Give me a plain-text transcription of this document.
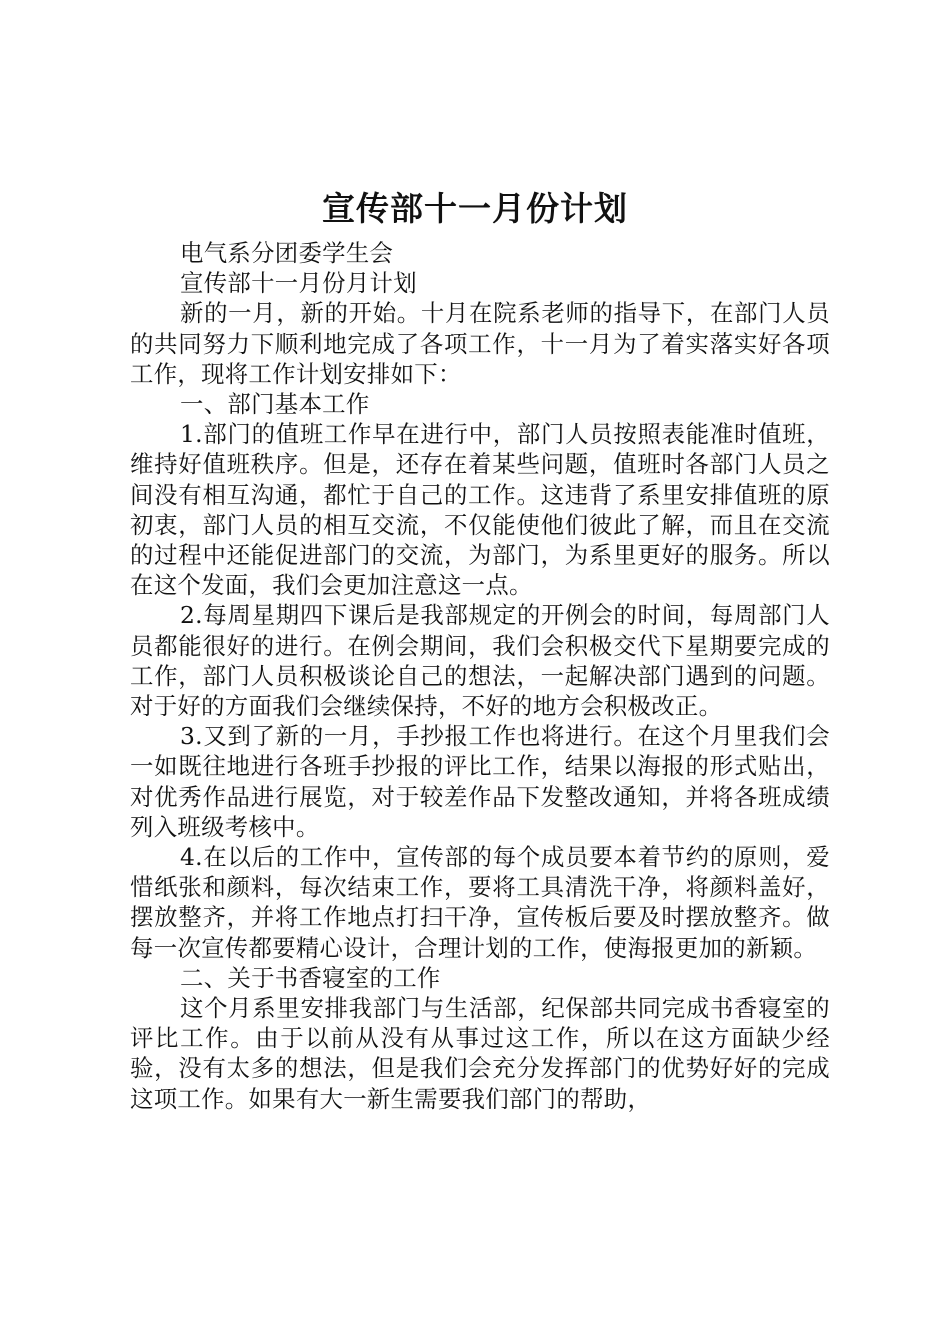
宣传部十一月份计划

电气系分团委学生会

宣传部十一月份月计划

新的一月，新的开始。十月在院系老师的指导下，在部门人员的共同努力下顺利地完成了各项工作，十一月为了着实落实好各项工作，现将工作计划安排如下：

一、部门基本工作

1.部门的值班工作早在进行中，部门人员按照表能准时值班，维持好值班秩序。但是，还存在着某些问题，值班时各部门人员之间没有相互沟通，都忙于自己的工作。这违背了系里安排值班的原初衷，部门人员的相互交流，不仅能使他们彼此了解，而且在交流的过程中还能促进部门的交流，为部门，为系里更好的服务。所以在这个发面，我们会更加注意这一点。

2.每周星期四下课后是我部规定的开例会的时间，每周部门人员都能很好的进行。在例会期间，我们会积极交代下星期要完成的工作，部门人员积极谈论自己的想法，一起解决部门遇到的问题。对于好的方面我们会继续保持，不好的地方会积极改正。

3.又到了新的一月，手抄报工作也将进行。在这个月里我们会一如既往地进行各班手抄报的评比工作，结果以海报的形式贴出，对优秀作品进行展览，对于较差作品下发整改通知，并将各班成绩列入班级考核中。

4.在以后的工作中，宣传部的每个成员要本着节约的原则，爱惜纸张和颜料，每次结束工作，要将工具清洗干净，将颜料盖好，摆放整齐，并将工作地点打扫干净，宣传板后要及时摆放整齐。做每一次宣传都要精心设计，合理计划的工作，使海报更加的新颖。

二、关于书香寝室的工作

这个月系里安排我部门与生活部，纪保部共同完成书香寝室的评比工作。由于以前从没有从事过这工作，所以在这方面缺少经验，没有太多的想法，但是我们会充分发挥部门的优势好好的完成这项工作。如果有大一新生需要我们部门的帮助，
